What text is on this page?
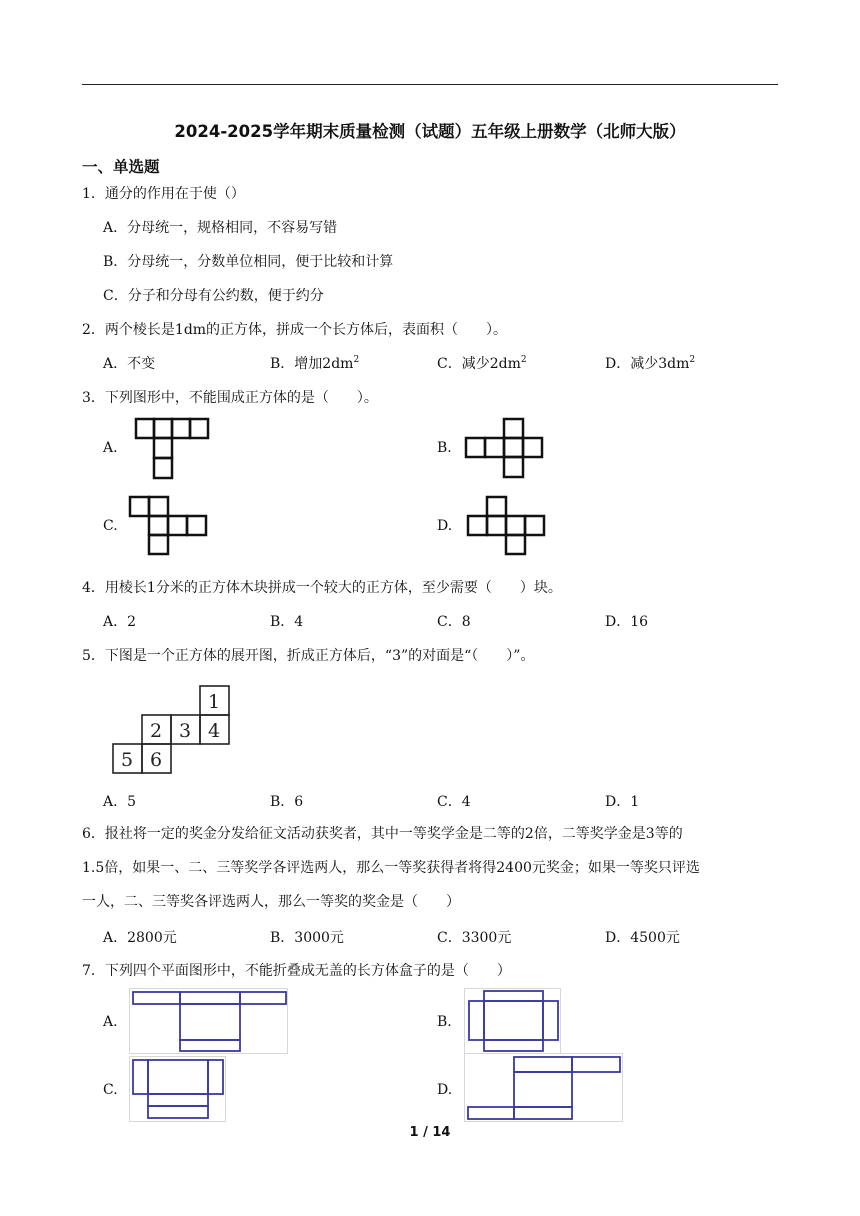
2024-2025学年期末质量检测（试题）五年级上册数学（北师大版）
一、单选题
1．通分的作用在于使（）
A．分母统一，规格相同，不容易写错
B．分母统一，分数单位相同，便于比较和计算
C．分子和分母有公约数，便于约分
2．两个棱长是1dm的正方体，拼成一个长方体后，表面积（　　）。
A．不变	B．增加$2dm^2$	C．减少$2dm^2$	D．减少$3dm^2$
3．下列图形中，不能围成正方体的是（　　）。
A.	B.
C.	D.
4．用棱长1分米的正方体木块拼成一个较大的正方体，至少需要（　　）块。
A．2	B．4	C．8	D．16
5．下图是一个正方体的展开图，折成正方体后，“3”的对面是“（　　）”。
1
2 3 4
5 6
A．5	B．6	C．4	D．1
6．报社将一定的奖金分发给征文活动获奖者，其中一等奖学金是二等的2倍，二等奖学金是3等的
1.5倍，如果一、二、三等奖学各评选两人，那么一等奖获得者将得2400元奖金；如果一等奖只评选
一人，二、三等奖各评选两人，那么一等奖的奖金是（　　）
A．2800元	B．3000元	C．3300元	D．4500元
7．下列四个平面图形中，不能折叠成无盖的长方体盒子的是（　　）
A.	B.
C.	D.
1 / 14
